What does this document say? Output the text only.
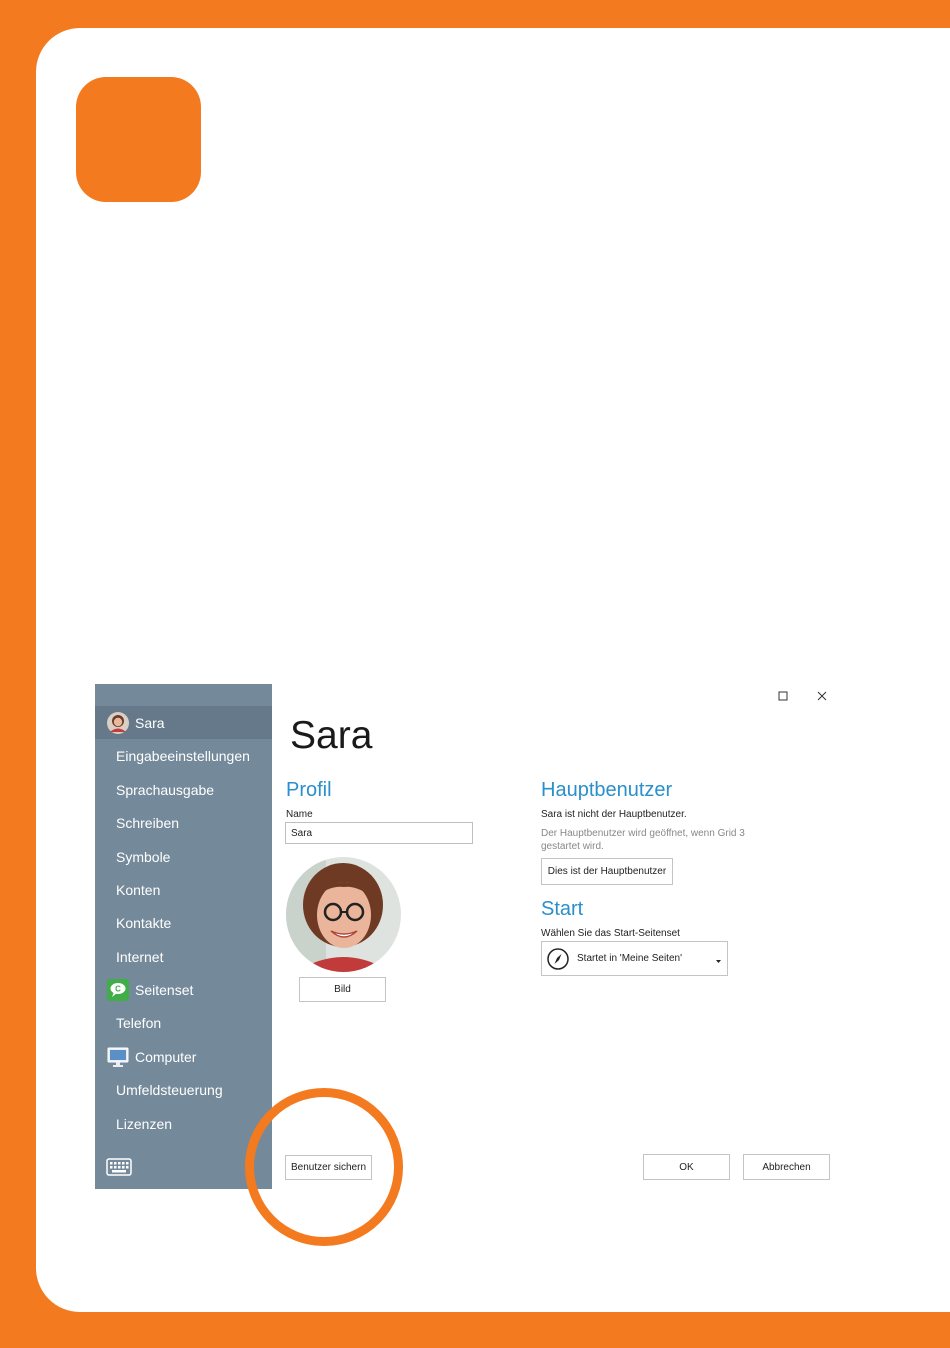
Sara
Eingabeeinstellungen
Sprachausgabe
Schreiben
Symbole
Konten
Kontakte
Internet
C Seitenset
Telefon
Computer
Umfeldsteuerung
Lizenzen
Sara
Profil
Name
Sara
Bild
Hauptbenutzer
Sara ist nicht der Hauptbenutzer.
Der Hauptbenutzer wird geöffnet, wenn Grid 3
gestartet wird.
Dies ist der Hauptbenutzer
Start
Wählen Sie das Start-Seitenset
Startet in 'Meine Seiten'
Benutzer sichern	OK	Abbrechen
